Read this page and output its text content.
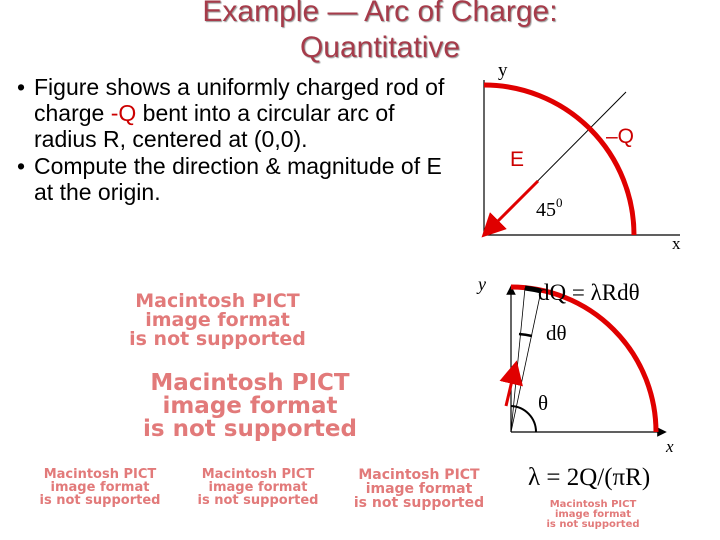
Example — Arc of Charge:
Quantitative
• Figure shows a uniformly charged rod of charge -Q bent into a circular arc of radius R, centered at (0,0).
• Compute the direction & magnitude of E at the origin.
Macintosh PICT
image format
is not supported
Macintosh PICT
image format
is not supported
Macintosh PICT
image format
is not supported
Macintosh PICT
image format
is not supported
Macintosh PICT
image format
is not supported	Macintosh PICT
image format
is not supported
y
x
E
–Q
$45^0$
y
x
dQ = λRdθ
dθ
θ
λ = 2Q/(πR)
